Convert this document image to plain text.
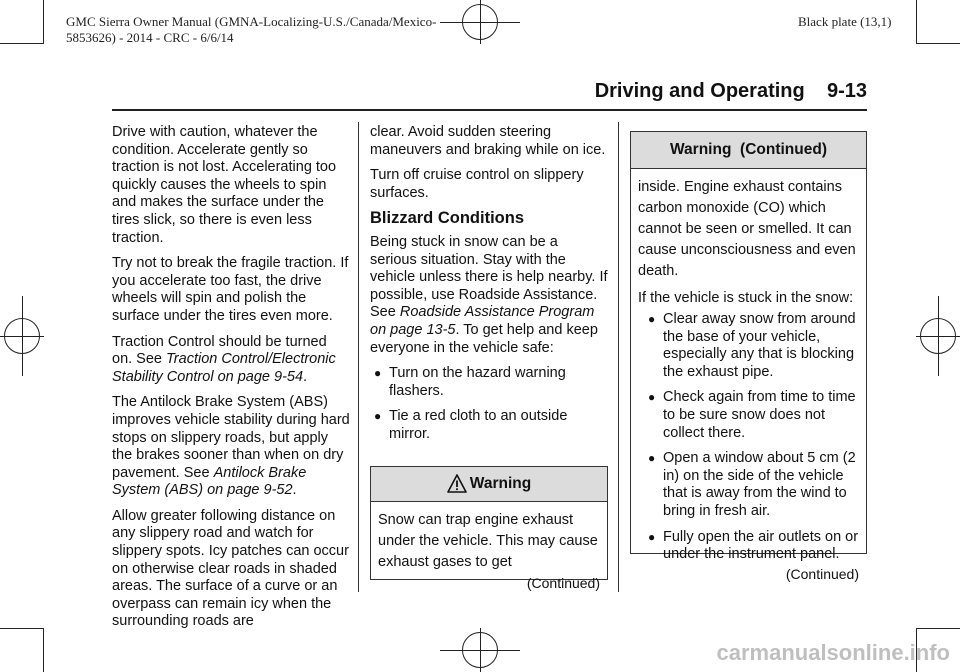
GMC Sierra Owner Manual (GMNA-Localizing-U.S./Canada/Mexico-
5853626) - 2014 - CRC - 6/6/14
Black plate (13,1)
Driving and Operating 9-13

Drive with caution, whatever the condition. Accelerate gently so traction is not lost. Accelerating too quickly causes the wheels to spin and makes the surface under the tires slick, so there is even less traction.

Try not to break the fragile traction. If you accelerate too fast, the drive wheels will spin and polish the surface under the tires even more.

Traction Control should be turned on. See Traction Control/Electronic Stability Control on page 9-54.

The Antilock Brake System (ABS) improves vehicle stability during hard stops on slippery roads, but apply the brakes sooner than when on dry pavement. See Antilock Brake System (ABS) on page 9-52.

Allow greater following distance on any slippery road and watch for slippery spots. Icy patches can occur on otherwise clear roads in shaded areas. The surface of a curve or an overpass can remain icy when the surrounding roads are

clear. Avoid sudden steering maneuvers and braking while on ice.

Turn off cruise control on slippery surfaces.

Blizzard Conditions

Being stuck in snow can be a serious situation. Stay with the vehicle unless there is help nearby. If possible, use Roadside Assistance. See Roadside Assistance Program on page 13-5. To get help and keep everyone in the vehicle safe:

● Turn on the hazard warning flashers.
● Tie a red cloth to an outside mirror.
Warning

Snow can trap engine exhaust under the vehicle. This may cause exhaust gases to get

(Continued)
Warning  (Continued)

inside. Engine exhaust contains carbon monoxide (CO) which cannot be seen or smelled. It can cause unconsciousness and even death.

If the vehicle is stuck in the snow:

● Clear away snow from around the base of your vehicle, especially any that is blocking the exhaust pipe.
● Check again from time to time to be sure snow does not collect there.
● Open a window about 5 cm (2 in) on the side of the vehicle that is away from the wind to bring in fresh air.
● Fully open the air outlets on or under the instrument panel.
(Continued)
carmanualsonline.info
